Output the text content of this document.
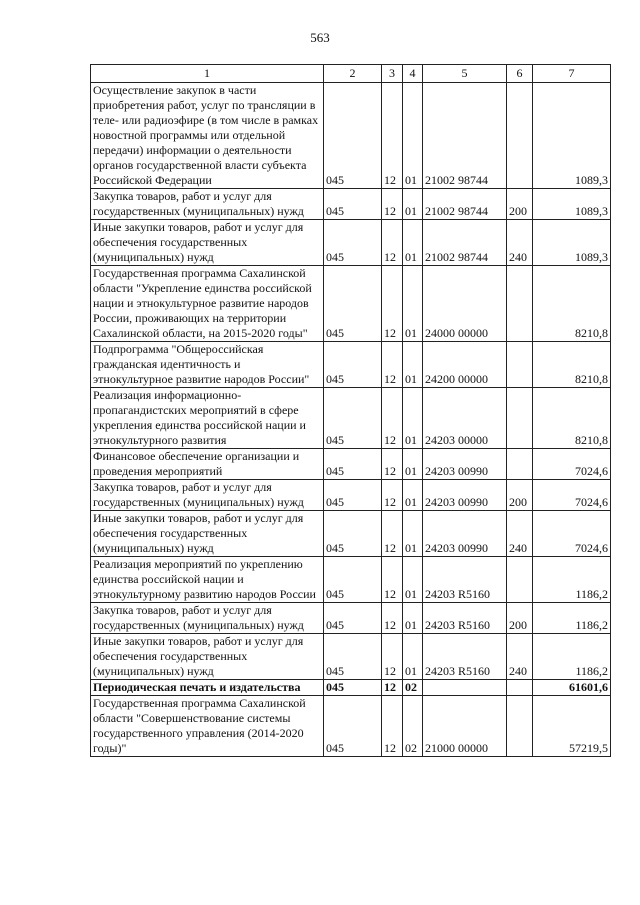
563
1	2	3	4	5	6	7
Осуществление закупок в части приобретения работ, услуг по трансляции в теле- или радиоэфире (в том числе в рамках новостной программы или отдельной передачи) информации о деятельности органов государственной власти субъекта Российской Федерации	045	12	01	21002 98744		1089,3
Закупка товаров, работ и услуг для государственных (муниципальных) нужд	045	12	01	21002 98744	200	1089,3
Иные закупки товаров, работ и услуг для обеспечения государственных (муниципальных) нужд	045	12	01	21002 98744	240	1089,3
Государственная программа Сахалинской области "Укрепление единства российской нации и этнокультурное развитие народов России, проживающих на территории Сахалинской области, на 2015-2020 годы"	045	12	01	24000 00000		8210,8
Подпрограмма "Общероссийская гражданская идентичность и этнокультурное развитие народов России"	045	12	01	24200 00000		8210,8
Реализация информационно-пропагандистских мероприятий в сфере укрепления единства российской нации и этнокультурного развития	045	12	01	24203 00000		8210,8
Финансовое обеспечение организации и проведения мероприятий	045	12	01	24203 00990		7024,6
Закупка товаров, работ и услуг для государственных (муниципальных) нужд	045	12	01	24203 00990	200	7024,6
Иные закупки товаров, работ и услуг для обеспечения государственных (муниципальных) нужд	045	12	01	24203 00990	240	7024,6
Реализация мероприятий по укреплению единства российской нации и этнокультурному развитию народов России	045	12	01	24203 R5160		1186,2
Закупка товаров, работ и услуг для государственных (муниципальных) нужд	045	12	01	24203 R5160	200	1186,2
Иные закупки товаров, работ и услуг для обеспечения государственных (муниципальных) нужд	045	12	01	24203 R5160	240	1186,2
Периодическая печать и издательства	045	12	02			61601,6
Государственная программа Сахалинской области "Совершенствование системы государственного управления (2014-2020 годы)"	045	12	02	21000 00000		57219,5
